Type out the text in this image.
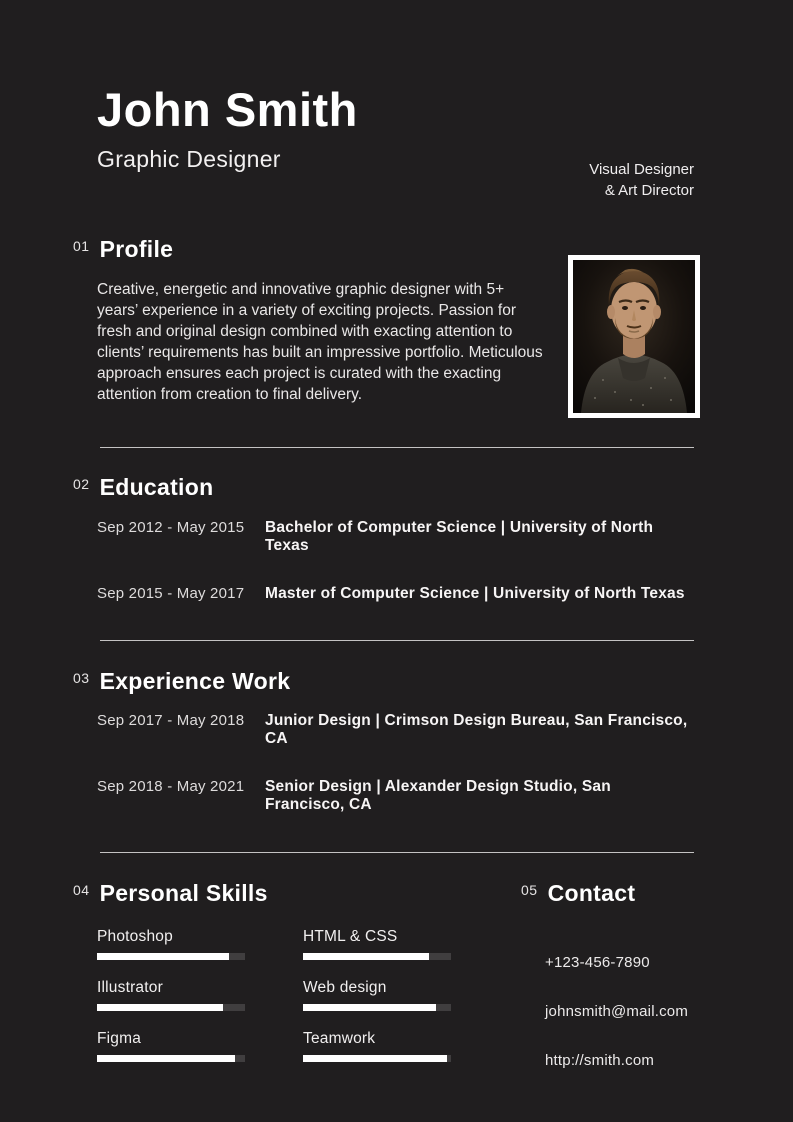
John Smith
Graphic Designer	Visual Designer
& Art Director
01 Profile

Creative, energetic and innovative graphic designer with 5+ years’ experience in a variety of exciting projects. Passion for fresh and original design combined with exacting attention to clients’ requirements has built an impressive portfolio. Meticulous approach ensures each project is curated with the exacting attention from creation to final delivery.

02 Education
Sep 2012 - May 2015	Bachelor of Computer Science | University of North Texas
Sep 2015 - May 2017	Master of Computer Science | University of North Texas
03 Experience Work
Sep 2017 - May 2018	Junior Design | Crimson Design Bureau, San Francisco, CA
Sep 2018 - May 2021	Senior Design | Alexander Design Studio, San Francisco, CA
04 Personal Skills
Photoshop	HTML & CSS
Illustrator	Web design
Figma	Teamwork
05 Contact
+123-456-7890
johnsmith@mail.com
http://smith.com
